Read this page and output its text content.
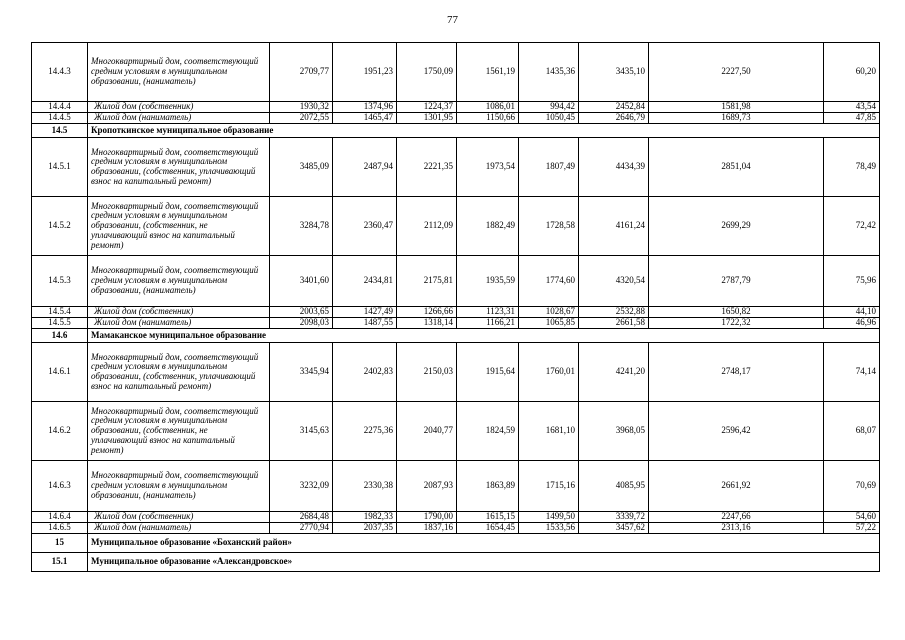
77
14.4.3	Многоквартирный дом, соответствующий средним условиям в муниципальном образовании, (наниматель)	2709,77	1951,23	1750,09	1561,19	1435,36	3435,10	2227,50	60,20
14.4.4	Жилой дом (собственник)	1930,32	1374,96	1224,37	1086,01	994,42	2452,84	1581,98	43,54
14.4.5	Жилой дом (наниматель)	2072,55	1465,47	1301,95	1150,66	1050,45	2646,79	1689,73	47,85
14.5	Кропоткинское муниципальное образование								
14.5.1	Многоквартирный дом, соответствующий средним условиям в муниципальном образовании, (собственник, уплачивающий взнос на капитальный ремонт)	3485,09	2487,94	2221,35	1973,54	1807,49	4434,39	2851,04	78,49
14.5.2	Многоквартирный дом, соответствующий средним условиям в муниципальном образовании, (собственник, не уплачивающий взнос на капитальный ремонт)	3284,78	2360,47	2112,09	1882,49	1728,58	4161,24	2699,29	72,42
14.5.3	Многоквартирный дом, соответствующий средним условиям в муниципальном образовании, (наниматель)	3401,60	2434,81	2175,81	1935,59	1774,60	4320,54	2787,79	75,96
14.5.4	Жилой дом (собственник)	2003,65	1427,49	1266,66	1123,31	1028,67	2532,88	1650,82	44,10
14.5.5	Жилой дом (наниматель)	2098,03	1487,55	1318,14	1166,21	1065,85	2661,58	1722,32	46,96
14.6	Мамаканское муниципальное образование								
14.6.1	Многоквартирный дом, соответствующий средним условиям в муниципальном образовании, (собственник, уплачивающий взнос на капитальный ремонт)	3345,94	2402,83	2150,03	1915,64	1760,01	4241,20	2748,17	74,14
14.6.2	Многоквартирный дом, соответствующий средним условиям в муниципальном образовании, (собственник, не уплачивающий взнос на капитальный ремонт)	3145,63	2275,36	2040,77	1824,59	1681,10	3968,05	2596,42	68,07
14.6.3	Многоквартирный дом, соответствующий средним условиям в муниципальном образовании, (наниматель)	3232,09	2330,38	2087,93	1863,89	1715,16	4085,95	2661,92	70,69
14.6.4	Жилой дом (собственник)	2684,48	1982,33	1790,00	1615,15	1499,50	3339,72	2247,66	54,60
14.6.5	Жилой дом (наниматель)	2770,94	2037,35	1837,16	1654,45	1533,56	3457,62	2313,16	57,22
15	Муниципальное образование «Боханский район»								
15.1	Муниципальное образование «Александровское»								
